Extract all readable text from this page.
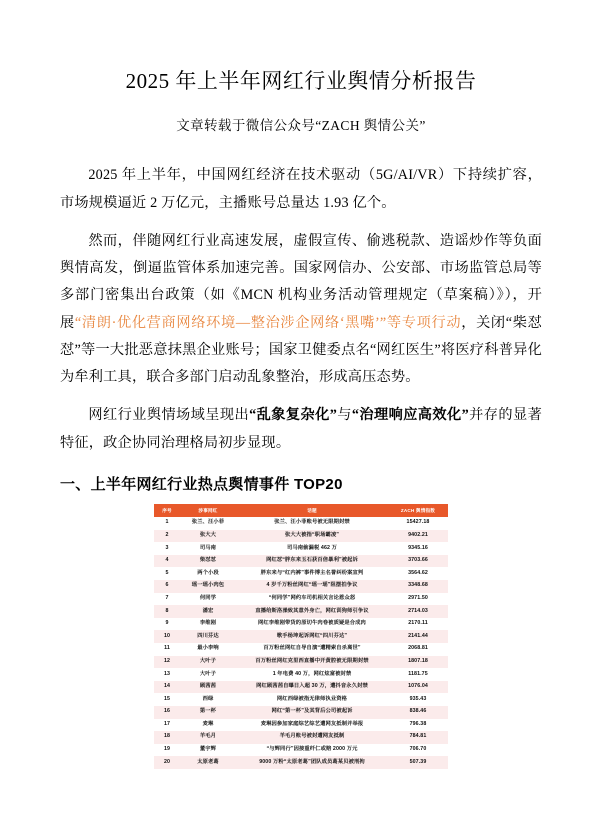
2025 年上半年网红行业舆情分析报告
文章转载于微信公众号“ZACH 舆情公关”

2025 年上半年，中国网红经济在技术驱动（5G/AI/VR）下持续扩容，市场规模逼近 2 万亿元，主播账号总量达 1.93 亿个。

然而，伴随网红行业高速发展，虚假宣传、偷逃税款、造谣炒作等负面舆情高发，倒逼监管体系加速完善。国家网信办、公安部、市场监管总局等多部门密集出台政策（如《MCN 机构业务活动管理规定（草案稿）》），开展“清朗·优化营商网络环境—整治涉企网络‘黑嘴’”等专项行动，关闭“柴怼怼”等一大批恶意抹黑企业账号；国家卫健委点名“网红医生”将医疗科普异化为牟利工具，联合多部门启动乱象整治，形成高压态势。

网红行业舆情场域呈现出“乱象复杂化”与“治理响应高效化”并存的显著特征，政企协同治理格局初步显现。

一、上半年网红行业热点舆情事件 TOP20
序号	涉事网红	话题	ZACH 舆情指数
1	张兰、汪小菲	张兰、汪小菲账号被无限期封禁	15427.18
2	张大大	张大大被指“职场霸凌”	9402.21
3	司马南	司马南偷漏税 462 万	9345.16
4	柴怼怼	网红怼“胖东来玉石获百倍暴利”被起诉	3703.66
5	两个小段	胖东来与“红内裤”事件博主名誉纠纷案宣判	3564.62
6	瑶一瑶小肉包	4 岁千万粉丝网红“瑶一瑶”阻摆拍争议	3348.68
7	何同学	“何同学”网约车司机相关言论惹众怒	2971.50
8	潘宏	直播给斯洛澡致其意外身亡，网红训狗师引争议	2714.03
9	李维刚	网红李维刚带货的原切牛肉卷被质疑是合成肉	2170.11
10	四川芬达	歌手杨坤起诉网红“四川芬达”	2141.44
11	最小李响	百万粉丝网红自导自演“遭精索自杀离世”	2068.81
12	大叶子	百万粉丝网红克里西直播中开黄腔被无限期封禁	1807.18
13	大叶子	1 年电费 40 万，网红炫富被封禁	1181.75
14	顾茜茜	网红顾茜茜自曝日入超 30 万，遭抖音永久封禁	1076.04
15	西绿	网红西绿被指无律师执业资格	935.43
16	第一杯	网红“第一杯”及其背后公司被起诉	838.46
17	麦琳	麦琳因参加家庭综艺综艺遭网友抵制并举报	796.38
18	羊毛月	羊毛月账号被封遭网友抵制	784.81
19	董宇辉	“与辉同行”因接重纤仁或赔 2000 万元	706.70
20	太原老葛	9000 万粉“太原老葛”团队成员葛某贝被刑拘	507.39
